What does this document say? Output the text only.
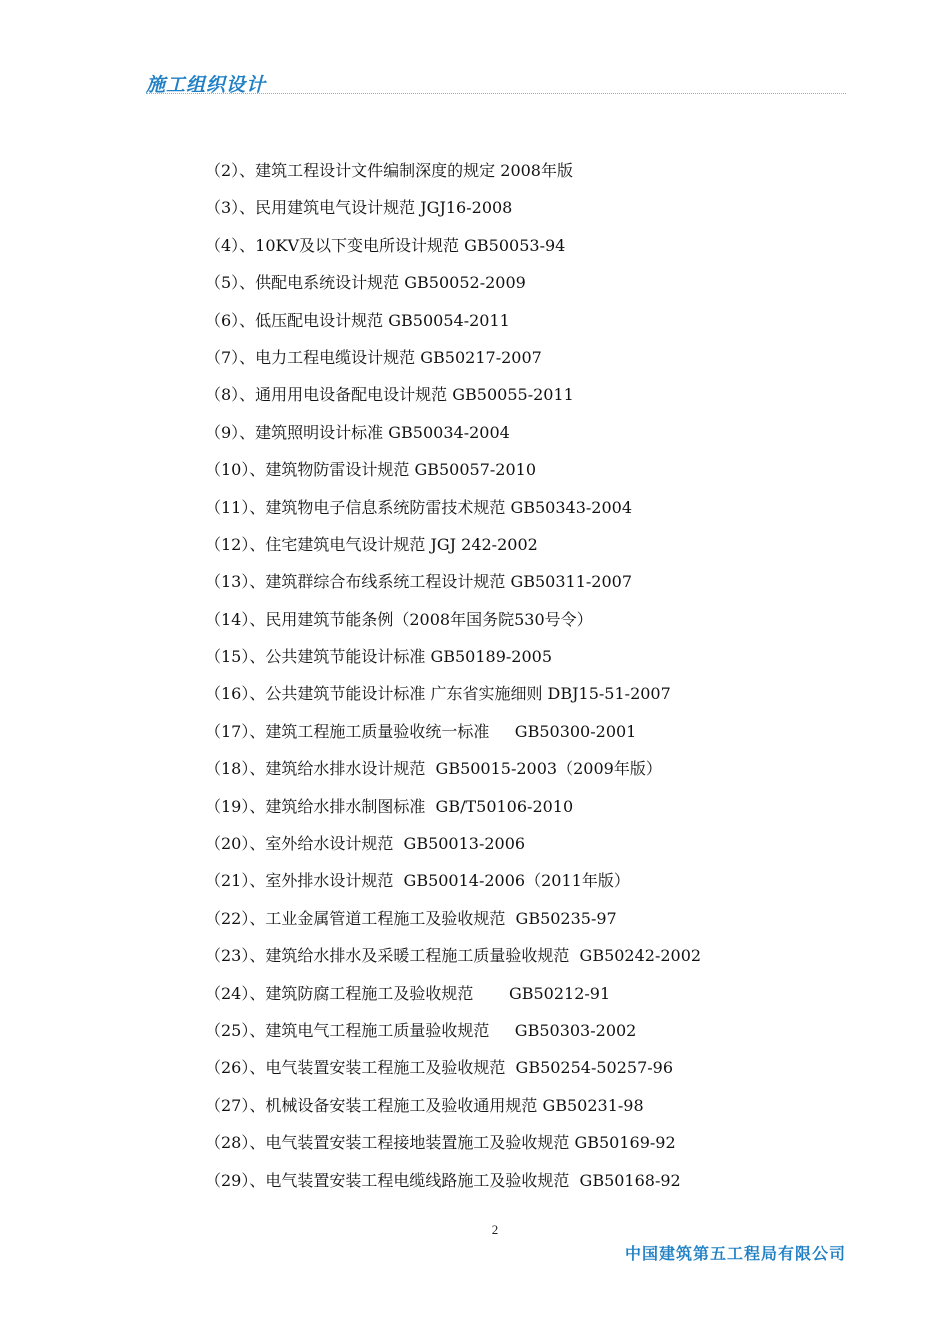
施工组织设计
（2）、建筑工程设计文件编制深度的规定 2008年版
（3）、民用建筑电气设计规范 JGJ16-2008
（4）、10KV及以下变电所设计规范 GB50053-94
（5）、供配电系统设计规范 GB50052-2009
（6）、低压配电设计规范 GB50054-2011
（7）、电力工程电缆设计规范 GB50217-2007
（8）、通用用电设备配电设计规范 GB50055-2011
（9）、建筑照明设计标准 GB50034-2004
（10）、建筑物防雷设计规范 GB50057-2010
（11）、建筑物电子信息系统防雷技术规范 GB50343-2004
（12）、住宅建筑电气设计规范 JGJ 242-2002
（13）、建筑群综合布线系统工程设计规范 GB50311-2007
（14）、民用建筑节能条例（2008年国务院530号令）
（15）、公共建筑节能设计标准 GB50189-2005
（16）、公共建筑节能设计标准 广东省实施细则 DBJ15-51-2007
（17）、建筑工程施工质量验收统一标准     GB50300-2001
（18）、建筑给水排水设计规范  GB50015-2003（2009年版）
（19）、建筑给水排水制图标准  GB/T50106-2010
（20）、室外给水设计规范  GB50013-2006
（21）、室外排水设计规范  GB50014-2006（2011年版）
（22）、工业金属管道工程施工及验收规范  GB50235-97
（23）、建筑给水排水及采暖工程施工质量验收规范  GB50242-2002
（24）、建筑防腐工程施工及验收规范       GB50212-91
（25）、建筑电气工程施工质量验收规范     GB50303-2002
（26）、电气装置安装工程施工及验收规范  GB50254-50257-96
（27）、机械设备安装工程施工及验收通用规范 GB50231-98
（28）、电气装置安装工程接地装置施工及验收规范 GB50169-92
（29）、电气装置安装工程电缆线路施工及验收规范  GB50168-92
2
中国建筑第五工程局有限公司
